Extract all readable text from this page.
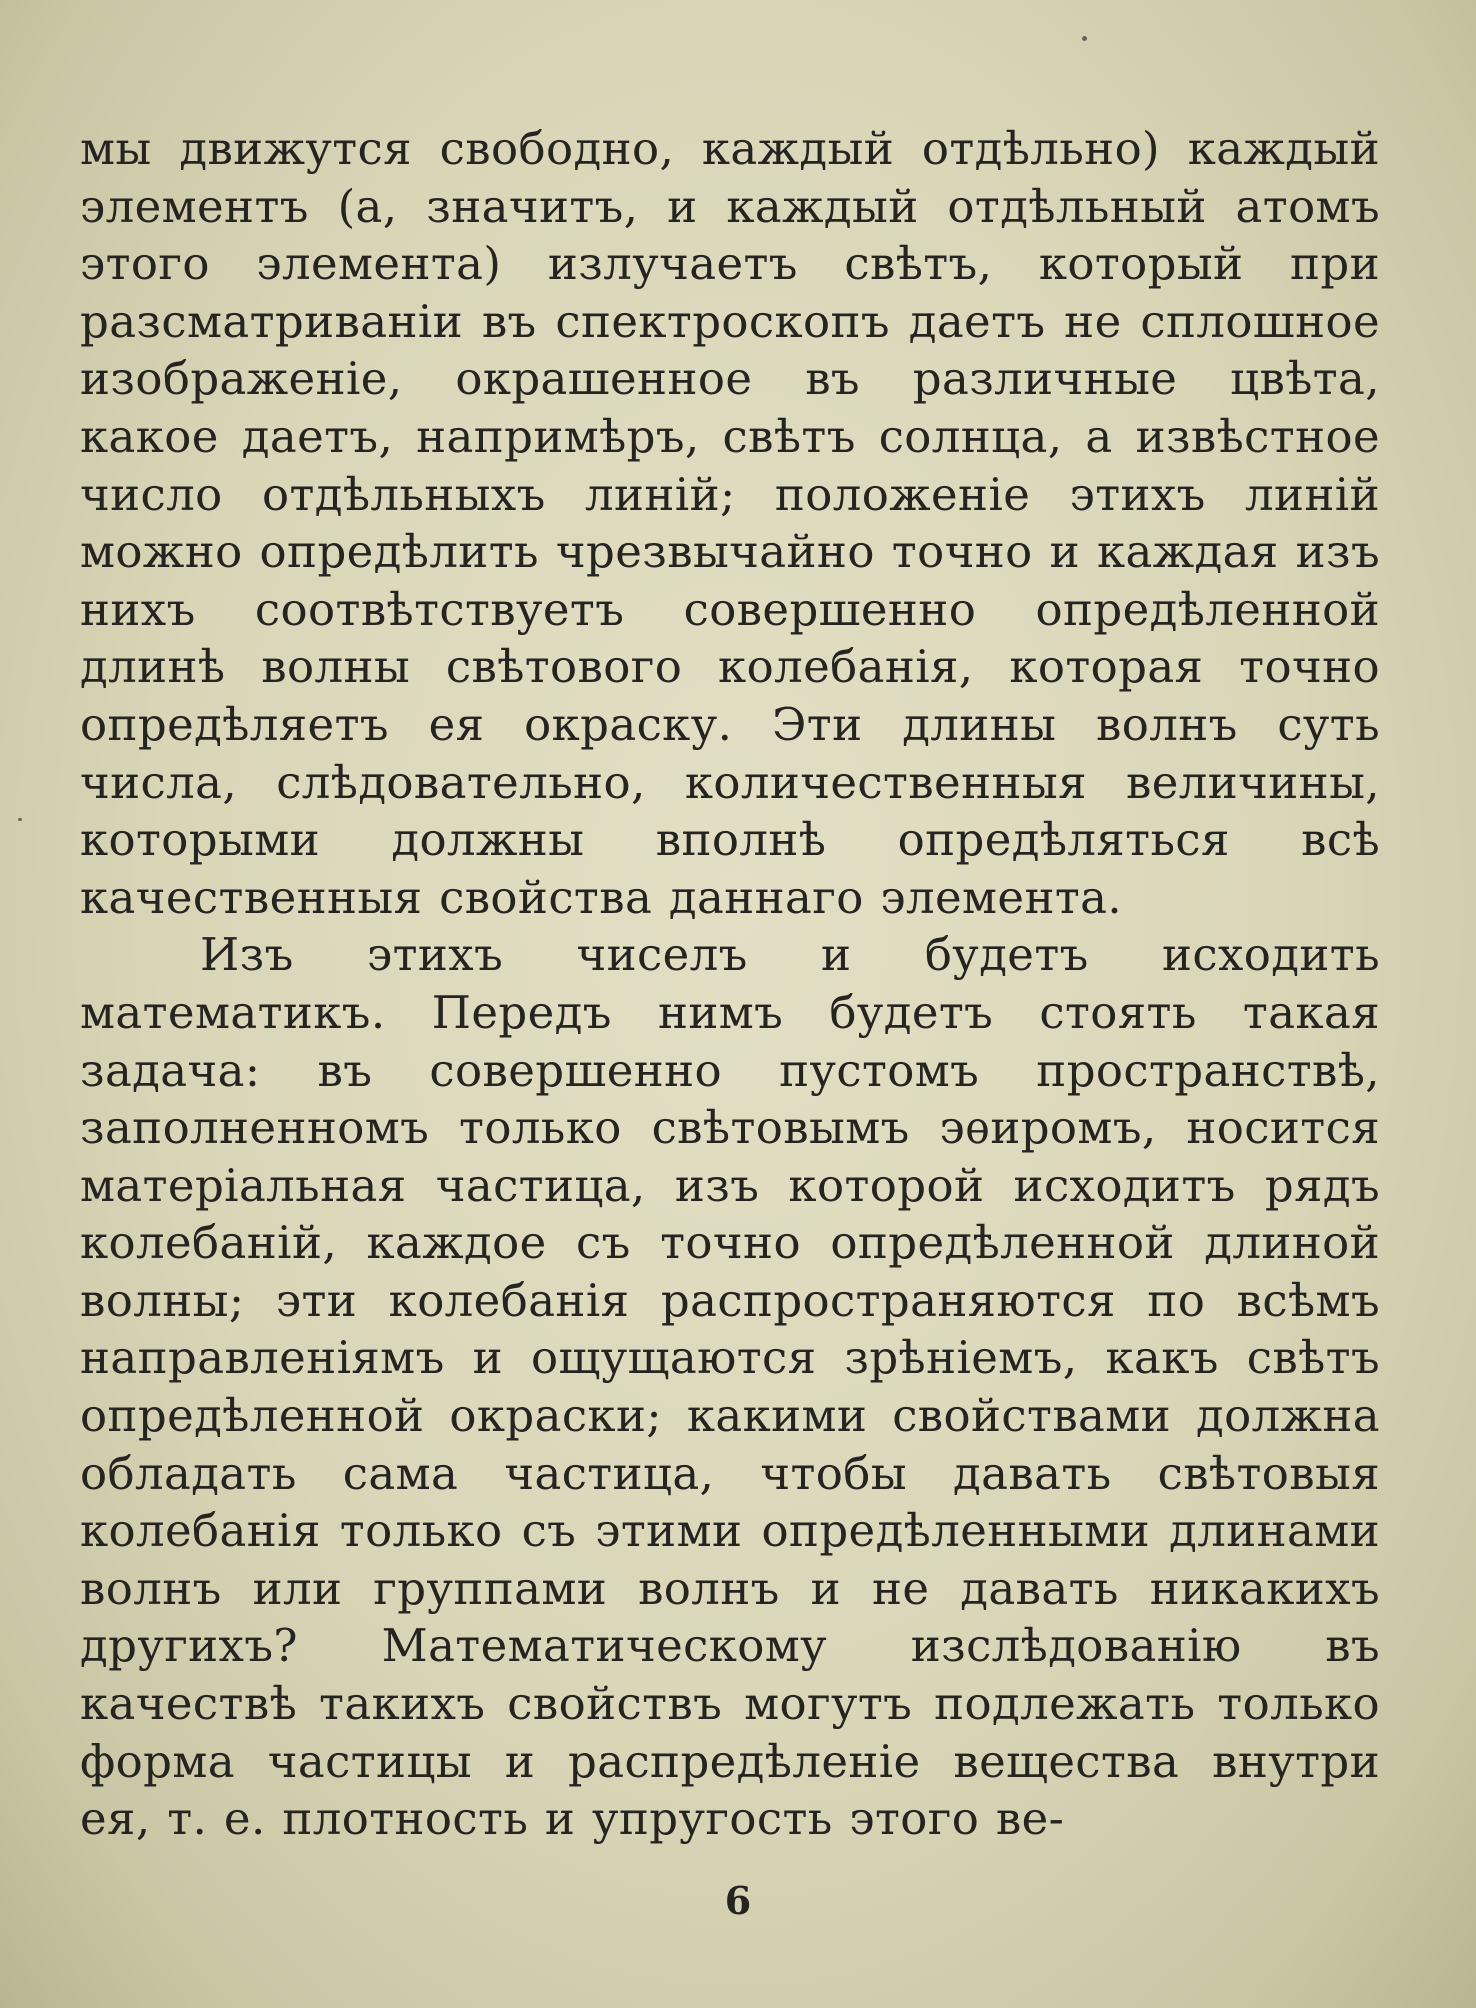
мы движутся свободно, каждый отдѣльно) каждый элементъ (а, значитъ, и каждый отдѣльный атомъ этого элемента) излучаетъ свѣтъ, который при разсматриванiи въ спектроскопъ даетъ не сплошное изображенiе, окрашенное въ различные цвѣта, какое даетъ, напримѣръ, свѣтъ солнца, а извѣстное число отдѣльныхъ линiй; положенiе этихъ линiй можно опредѣлить чрезвычайно точно и каждая изъ нихъ соотвѣтствуетъ совершенно опредѣленной длинѣ волны свѣтового колебанiя, которая точно опредѣляетъ ея окраску. Эти длины волнъ суть числа, слѣдовательно, количественныя величины, которыми должны вполнѣ опредѣляться всѣ качественныя свойства даннаго элемента.

Изъ этихъ чиселъ и будетъ исходить математикъ. Передъ нимъ будетъ стоять такая задача: въ совершенно пустомъ пространствѣ, заполненномъ только свѣтовымъ эѳиромъ, носится матерiальная частица, изъ которой исходитъ рядъ колебанiй, каждое съ точно опредѣленной длиной волны; эти колебанiя распространяются по всѣмъ направленiямъ и ощущаются зрѣнiемъ, какъ свѣтъ опредѣленной окраски; какими свойствами должна обладать сама частица, чтобы давать свѣтовыя колебанiя только съ этими опредѣленными длинами волнъ или группами волнъ и не давать никакихъ другихъ? Математическому изслѣдованiю въ качествѣ такихъ свойствъ могутъ подлежать только форма частицы и распредѣленiе вещества внутри ея, т. е. плотность и упругость этого ве-

6
